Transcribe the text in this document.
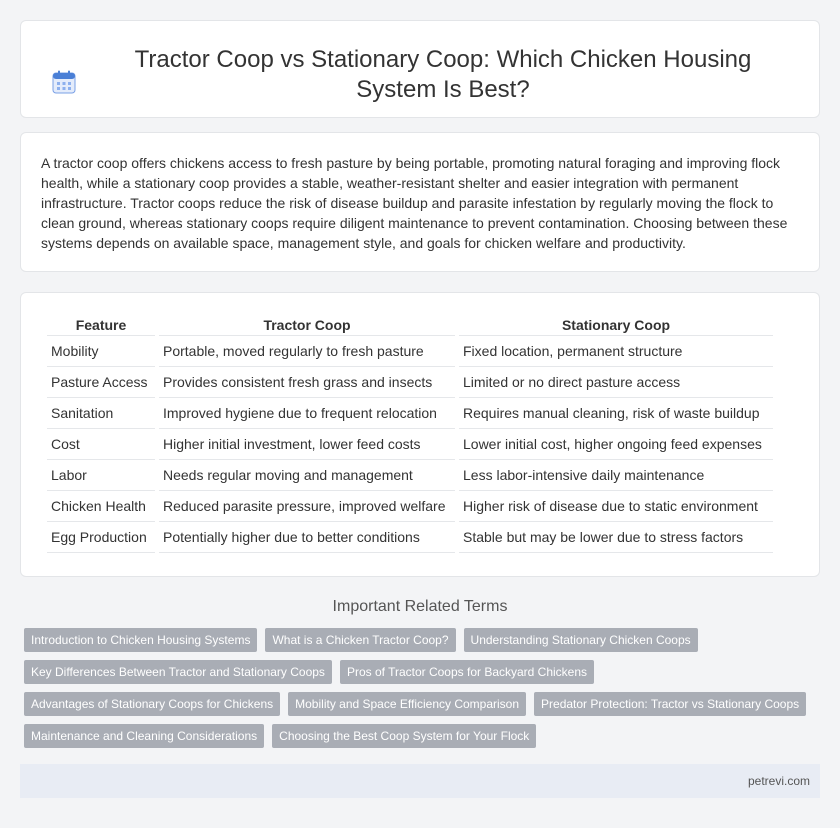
Tractor Coop vs Stationary Coop: Which Chicken Housing System Is Best?

A tractor coop offers chickens access to fresh pasture by being portable, promoting natural foraging and improving flock health, while a stationary coop provides a stable, weather-resistant shelter and easier integration with permanent infrastructure. Tractor coops reduce the risk of disease buildup and parasite infestation by regularly moving the flock to clean ground, whereas stationary coops require diligent maintenance to prevent contamination. Choosing between these systems depends on available space, management style, and goals for chicken welfare and productivity.

Feature	Tractor Coop	Stationary Coop
Mobility	Portable, moved regularly to fresh pasture	Fixed location, permanent structure
Pasture Access	Provides consistent fresh grass and insects	Limited or no direct pasture access
Sanitation	Improved hygiene due to frequent relocation	Requires manual cleaning, risk of waste buildup
Cost	Higher initial investment, lower feed costs	Lower initial cost, higher ongoing feed expenses
Labor	Needs regular moving and management	Less labor-intensive daily maintenance
Chicken Health	Reduced parasite pressure, improved welfare	Higher risk of disease due to static environment
Egg Production	Potentially higher due to better conditions	Stable but may be lower due to stress factors
Important Related Terms
Introduction to Chicken Housing Systems	What is a Chicken Tractor Coop?	Understanding Stationary Chicken Coops
Key Differences Between Tractor and Stationary Coops	Pros of Tractor Coops for Backyard Chickens
Advantages of Stationary Coops for Chickens	Mobility and Space Efficiency Comparison	Predator Protection: Tractor vs Stationary Coops
Maintenance and Cleaning Considerations	Choosing the Best Coop System for Your Flock
petrevi.com
